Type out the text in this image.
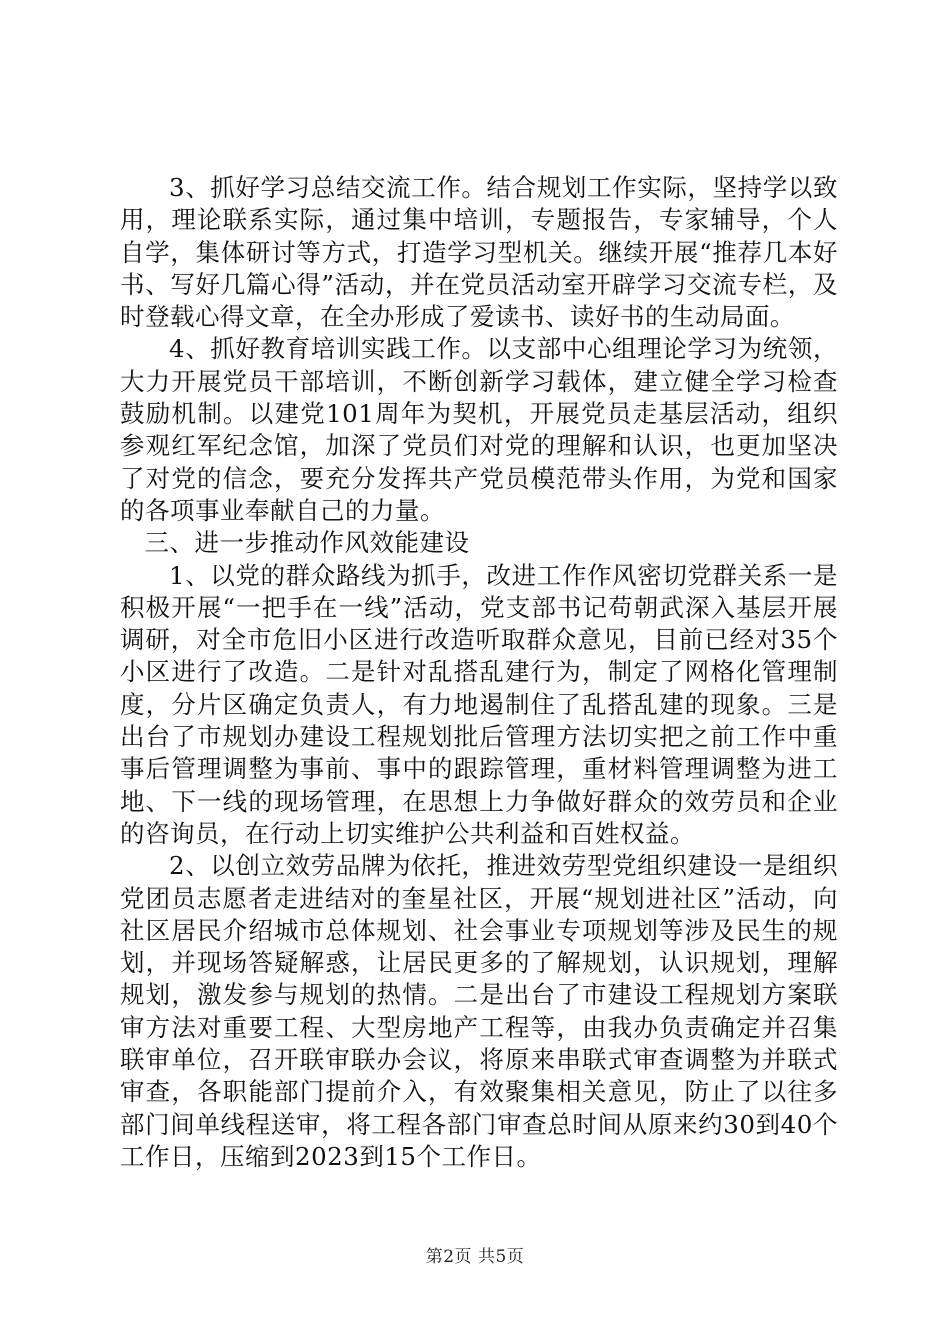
3、抓好学习总结交流工作。结合规划工作实际，坚持学以致用，理论联系实际，通过集中培训，专题报告，专家辅导，个人自学，集体研讨等方式，打造学习型机关。继续开展“推荐几本好书、写好几篇心得”活动，并在党员活动室开辟学习交流专栏，及时登载心得文章，在全办形成了爱读书、读好书的生动局面。

4、抓好教育培训实践工作。以支部中心组理论学习为统领，大力开展党员干部培训，不断创新学习载体，建立健全学习检查鼓励机制。以建党101周年为契机，开展党员走基层活动，组织参观红军纪念馆，加深了党员们对党的理解和认识，也更加坚决了对党的信念，要充分发挥共产党员模范带头作用，为党和国家的各项事业奉献自己的力量。

三、进一步推动作风效能建设

1、以党的群众路线为抓手，改进工作作风密切党群关系一是积极开展“一把手在一线”活动，党支部书记苟朝武深入基层开展调研，对全市危旧小区进行改造听取群众意见，目前已经对35个小区进行了改造。二是针对乱搭乱建行为，制定了网格化管理制度，分片区确定负责人，有力地遏制住了乱搭乱建的现象。三是出台了市规划办建设工程规划批后管理方法切实把之前工作中重事后管理调整为事前、事中的跟踪管理，重材料管理调整为进工地、下一线的现场管理，在思想上力争做好群众的效劳员和企业的咨询员，在行动上切实维护公共利益和百姓权益。

2、以创立效劳品牌为依托，推进效劳型党组织建设一是组织党团员志愿者走进结对的奎星社区，开展“规划进社区”活动，向社区居民介绍城市总体规划、社会事业专项规划等涉及民生的规划，并现场答疑解惑，让居民更多的了解规划，认识规划，理解规划，激发参与规划的热情。二是出台了市建设工程规划方案联审方法对重要工程、大型房地产工程等，由我办负责确定并召集联审单位，召开联审联办会议，将原来串联式审查调整为并联式审查，各职能部门提前介入，有效聚集相关意见，防止了以往多部门间单线程送审，将工程各部门审查总时间从原来约30到40个工作日，压缩到2023到15个工作日。

第2页 共5页
